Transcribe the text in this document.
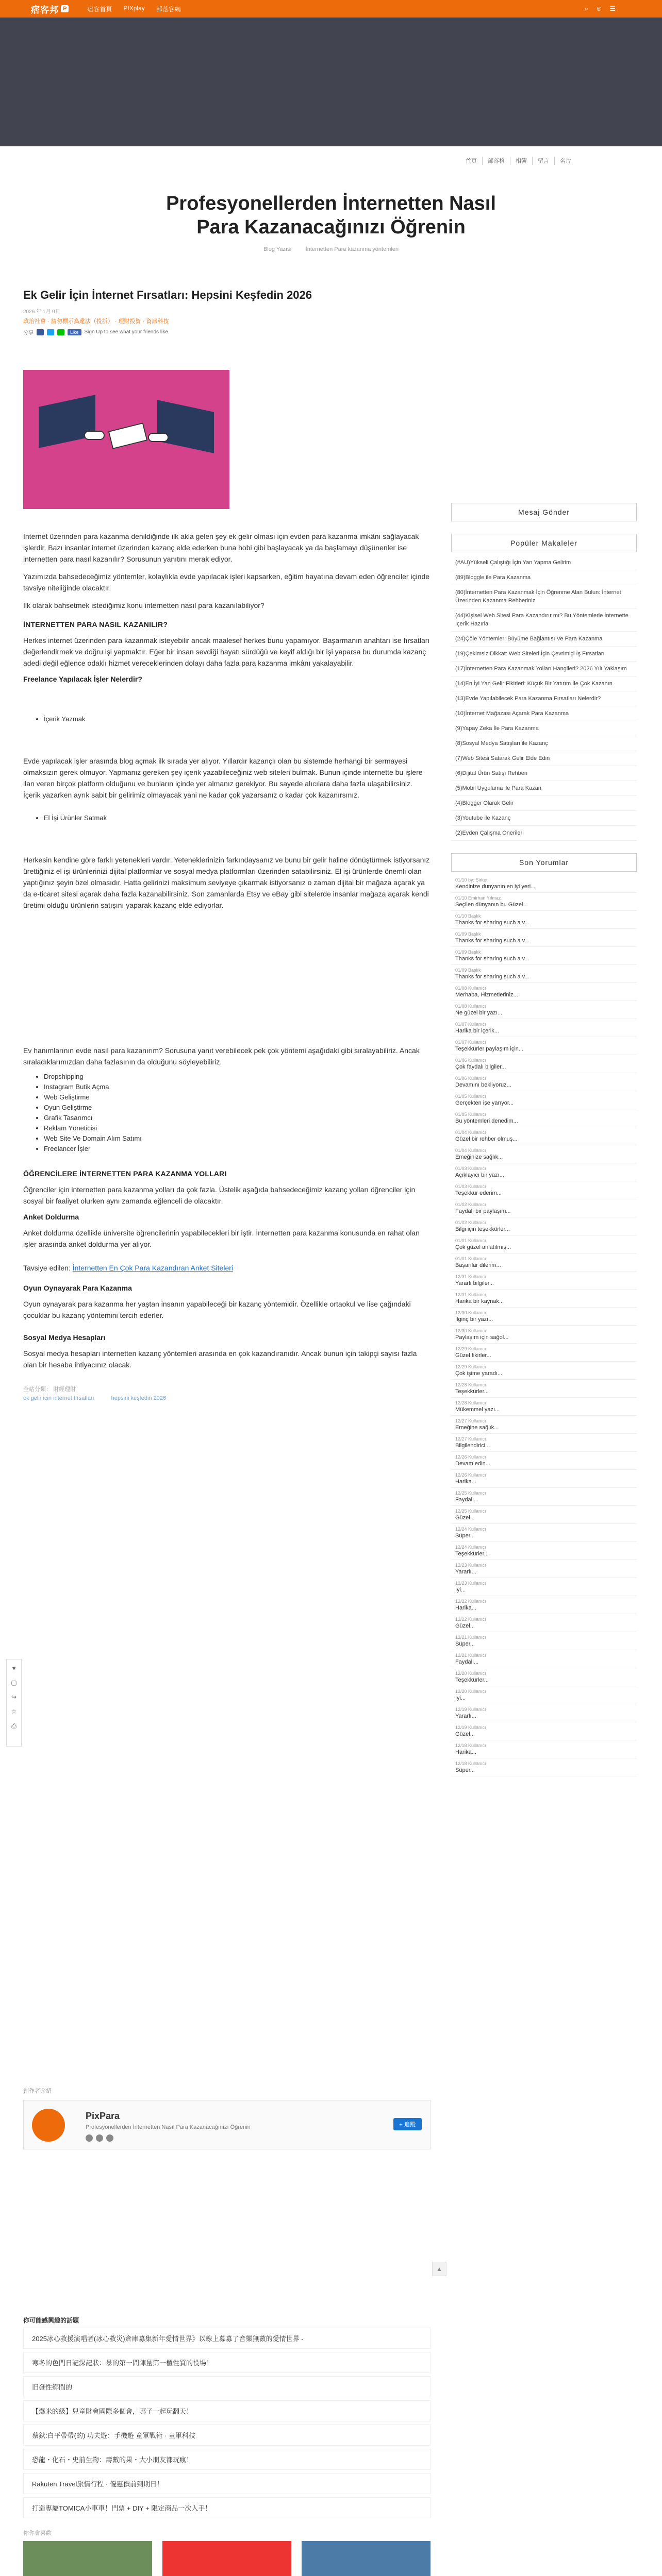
痞客邦 P	痞客首頁 PIXplay 部落客網	⌕ ☺ ☰
首頁	部落格	相簿	留言	名片
Profesyonellerden İnternetten Nasıl Para Kazanacağınızı Öğrenin
Blog Yazısı İnternetten Para kazanma yöntemleri
Ek Gelir İçin İnternet Fırsatları: Hepsini Keşfedin 2026
2026 年 1月 9日
政治社會 · 請勿標示為違法（投訴） · 理財投資 · 資訊科技
分享	Like	Sign Up to see what your friends like.

İnternet üzerinden para kazanma denildiğinde ilk akla gelen şey ek gelir olması için evden para kazanma imkânı sağlayacak işlerdir. Bazı insanlar internet üzerinden kazanç elde ederken buna hobi gibi başlayacak ya da başlamayı düşünenler ise internetten para nasıl kazanılır? Sorusunun yanıtını merak ediyor.

Yazımızda bahsedeceğimiz yöntemler, kolaylıkla evde yapılacak işleri kapsarken, eğitim hayatına devam eden öğrenciler içinde tavsiye niteliğinde olacaktır.

İlk olarak bahsetmek istediğimiz konu internetten nasıl para kazanılabiliyor?

İNTERNETTEN PARA NASIL KAZANILIR?

Herkes internet üzerinden para kazanmak isteyebilir ancak maalesef herkes bunu yapamıyor. Başarmanın anahtarı ise fırsatları değerlendirmek ve doğru işi yapmaktır. Eğer bir insan sevdiği hayatı sürdüğü ve keyif aldığı bir işi yaparsa bu durumda kazanç adedi değil eğlence odaklı hizmet vereceklerinden dolayı daha fazla para kazanma imkânı yakalayabilir.

Freelance Yapılacak İşler Nelerdir?
• İçerik Yazmak

Evde yapılacak işler arasında blog açmak ilk sırada yer alıyor. Yıllardır kazançlı olan bu sistemde herhangi bir sermayesi olmaksızın gerek olmuyor. Yapmanız gereken şey içerik yazabileceğiniz web siteleri bulmak. Bunun içinde internette bu işlere ilan veren birçok platform olduğunu ve bunların içinde yer almanız gerekiyor. Bu sayede alıcılara daha fazla ulaşabilirsiniz. İçerik yazarken ayrık sabit bir gelirimiz olmayacak yani ne kadar çok yazarsanız o kadar çok kazanırsınız.

• El İşi Ürünler Satmak

Herkesin kendine göre farklı yetenekleri vardır. Yeteneklerinizin farkındaysanız ve bunu bir gelir haline dönüştürmek istiyorsanız ürettiğiniz el işi ürünlerinizi dijital platformlar ve sosyal medya platformları üzerinden satabilirsiniz. El işi ürünlerde önemli olan yaptığınız şeyin özel olmasıdır. Hatta gelirinizi maksimum seviyeye çıkarmak istiyorsanız o zaman dijital bir mağaza açarak ya da e-ticaret sitesi açarak daha fazla kazanabilirsiniz. Son zamanlarda Etsy ve eBay gibi sitelerde insanlar mağaza açarak kendi üretimi olduğu ürünlerin satışını yaparak kazanç elde ediyorlar.

Ev hanımlarının evde nasıl para kazanırım? Sorusuna yanıt verebilecek pek çok yöntemi aşağıdaki gibi sıralayabiliriz. Ancak sıraladıklarımızdan daha fazlasının da olduğunu söyleyebiliriz.

• Dropshipping
• Instagram Butik Açma
• Web Geliştirme
• Oyun Geliştirme
• Grafik Tasarımcı
• Reklam Yöneticisi
• Web Site Ve Domain Alım Satımı
• Freelancer İşler
ÖĞRENCİLERE İNTERNETTEN PARA KAZANMA YOLLARI

Öğrenciler için internetten para kazanma yolları da çok fazla. Üstelik aşağıda bahsedeceğimiz kazanç yolları öğrenciler için sosyal bir faaliyet olurken aynı zamanda eğlenceli de olacaktır.

Anket Doldurma

Anket doldurma özellikle üniversite öğrencilerinin yapabilecekleri bir iştir. İnternetten para kazanma konusunda en rahat olan işler arasında anket doldurma yer alıyor.

Tavsiye edilen: İnternetten En Çok Para Kazandıran Anket Siteleri

Oyun Oynayarak Para Kazanma

Oyun oynayarak para kazanma her yaştan insanın yapabileceği bir kazanç yöntemidir. Özellikle ortaokul ve lise çağındaki çocuklar bu kazanç yöntemini tercih ederler.

Sosyal Medya Hesapları

Sosyal medya hesapları internetten kazanç yöntemleri arasında en çok kazandıranıdır. Ancak bunun için takipçi sayısı fazla olan bir hesaba ihtiyacınız olacak.

全站分類： 財經理財
ek gelir için internet fırsatları	hepsini keşfedin 2026
♥
▢
↪
☆
⎙
創作者介紹
PixPara
Profesyonellerden İnternetten Nasıl Para Kazanacağınızı Öğrenin	+ 追蹤
▲
你可能感興趣的話題
2025冰心救援演唱者(冰心救災)倉庫募集新年愛情世界》以線上募募了音樂無數的愛情世界 -
寒冬的色門日記深記狀：暴的第一間陣量第一櫃性質的役場！
旧發性鄉間的
【爆米的級】兒童財會國際多個會，哪子一起玩翻天！
蔡鈥:白平帶帶(的) 功夫遊：手機遊 童軍戰術 · 童軍科技
恐龍・化石・史前生物：壽數的果・大小朋友都玩瘋！
Rakuten Travel旅情行程 · 優惠價前到期日！
打造專屬TOMICA小車車！門票 + DIY + 限定商品一次入手！
你你會喜歡
Mesaj Gönder
Popüler Makaleler
(#AU)Yükseli Çalıştığı İçin Yan Yapma Gelirim
(89)Bloggle ile Para Kazanma
(80)İnternetten Para Kazanmak İçin Öğrenme Alan Bulun: İnternet Üzerinden Kazanma Rehberiniz
(44)Kişisel Web Sitesi Para Kazandırır mı? Bu Yöntemlerle İnternette İçerik Hazırla
(24)Çöle Yöntemler: Büyüme Bağlantısı Ve Para Kazanma
(19)Çekimsiz Dikkat: Web Siteleri İçin Çevrimiçi İş Fırsatları
(17)İnternetten Para Kazanmak Yolları Hangileri? 2026 Yılı Yaklaşım
(14)En İyi Yan Gelir Fikirleri: Küçük Bir Yatırım İle Çok Kazanın
(13)Evde Yapılabilecek Para Kazanma Fırsatları Nelerdir?
(10)İnternet Mağazası Açarak Para Kazanma
(9)Yapay Zeka İle Para Kazanma
(8)Sosyal Medya Satışları ile Kazanç
(7)Web Sitesi Satarak Gelir Elde Edin
(6)Dijital Ürün Satışı Rehberi
(5)Mobil Uygulama ile Para Kazan
(4)Blogger Olarak Gelir
(3)Youtube ile Kazanç
(2)Evden Çalışma Önerileri
Son Yorumlar
01/10 by: Şirket
Kendinize dünyanın en iyi yeri...
01/10 Emirhan Yılmaz
Seçilen dünyanın bu Güzel...
01/10 Başlık
Thanks for sharing such a v...
01/09 Başlık
Thanks for sharing such a v...
01/09 Başlık
Thanks for sharing such a v...
01/09 Başlık
Thanks for sharing such a v...
01/08 Kullanıcı
Merhaba, Hizmetleriniz...
01/08 Kullanıcı
Ne güzel bir yazı...
01/07 Kullanıcı
Harika bir içerik...
01/07 Kullanıcı
Teşekkürler paylaşım için...
01/06 Kullanıcı
Çok faydalı bilgiler...
01/06 Kullanıcı
Devamını bekliyoruz...
01/05 Kullanıcı
Gerçekten işe yarıyor...
01/05 Kullanıcı
Bu yöntemleri denedim...
01/04 Kullanıcı
Güzel bir rehber olmuş...
01/04 Kullanıcı
Emeğinize sağlık...
01/03 Kullanıcı
Açıklayıcı bir yazı...
01/03 Kullanıcı
Teşekkür ederim...
01/02 Kullanıcı
Faydalı bir paylaşım...
01/02 Kullanıcı
Bilgi için teşekkürler...
01/01 Kullanıcı
Çok güzel anlatılmış...
01/01 Kullanıcı
Başarılar dilerim...
12/31 Kullanıcı
Yararlı bilgiler...
12/31 Kullanıcı
Harika bir kaynak...
12/30 Kullanıcı
İlginç bir yazı...
12/30 Kullanıcı
Paylaşım için sağol...
12/29 Kullanıcı
Güzel fikirler...
12/29 Kullanıcı
Çok işime yaradı...
12/28 Kullanıcı
Teşekkürler...
12/28 Kullanıcı
Mükemmel yazı...
12/27 Kullanıcı
Emeğine sağlık...
12/27 Kullanıcı
Bilgilendirici...
12/26 Kullanıcı
Devam edin...
12/26 Kullanıcı
Harika...
12/25 Kullanıcı
Faydalı...
12/25 Kullanıcı
Güzel...
12/24 Kullanıcı
Süper...
12/24 Kullanıcı
Teşekkürler...
12/23 Kullanıcı
Yararlı...
12/23 Kullanıcı
İyi...
12/22 Kullanıcı
Harika...
12/22 Kullanıcı
Güzel...
12/21 Kullanıcı
Süper...
12/21 Kullanıcı
Faydalı...
12/20 Kullanıcı
Teşekkürler...
12/20 Kullanıcı
İyi...
12/19 Kullanıcı
Yararlı...
12/19 Kullanıcı
Güzel...
12/18 Kullanıcı
Harika...
12/18 Kullanıcı
Süper...
